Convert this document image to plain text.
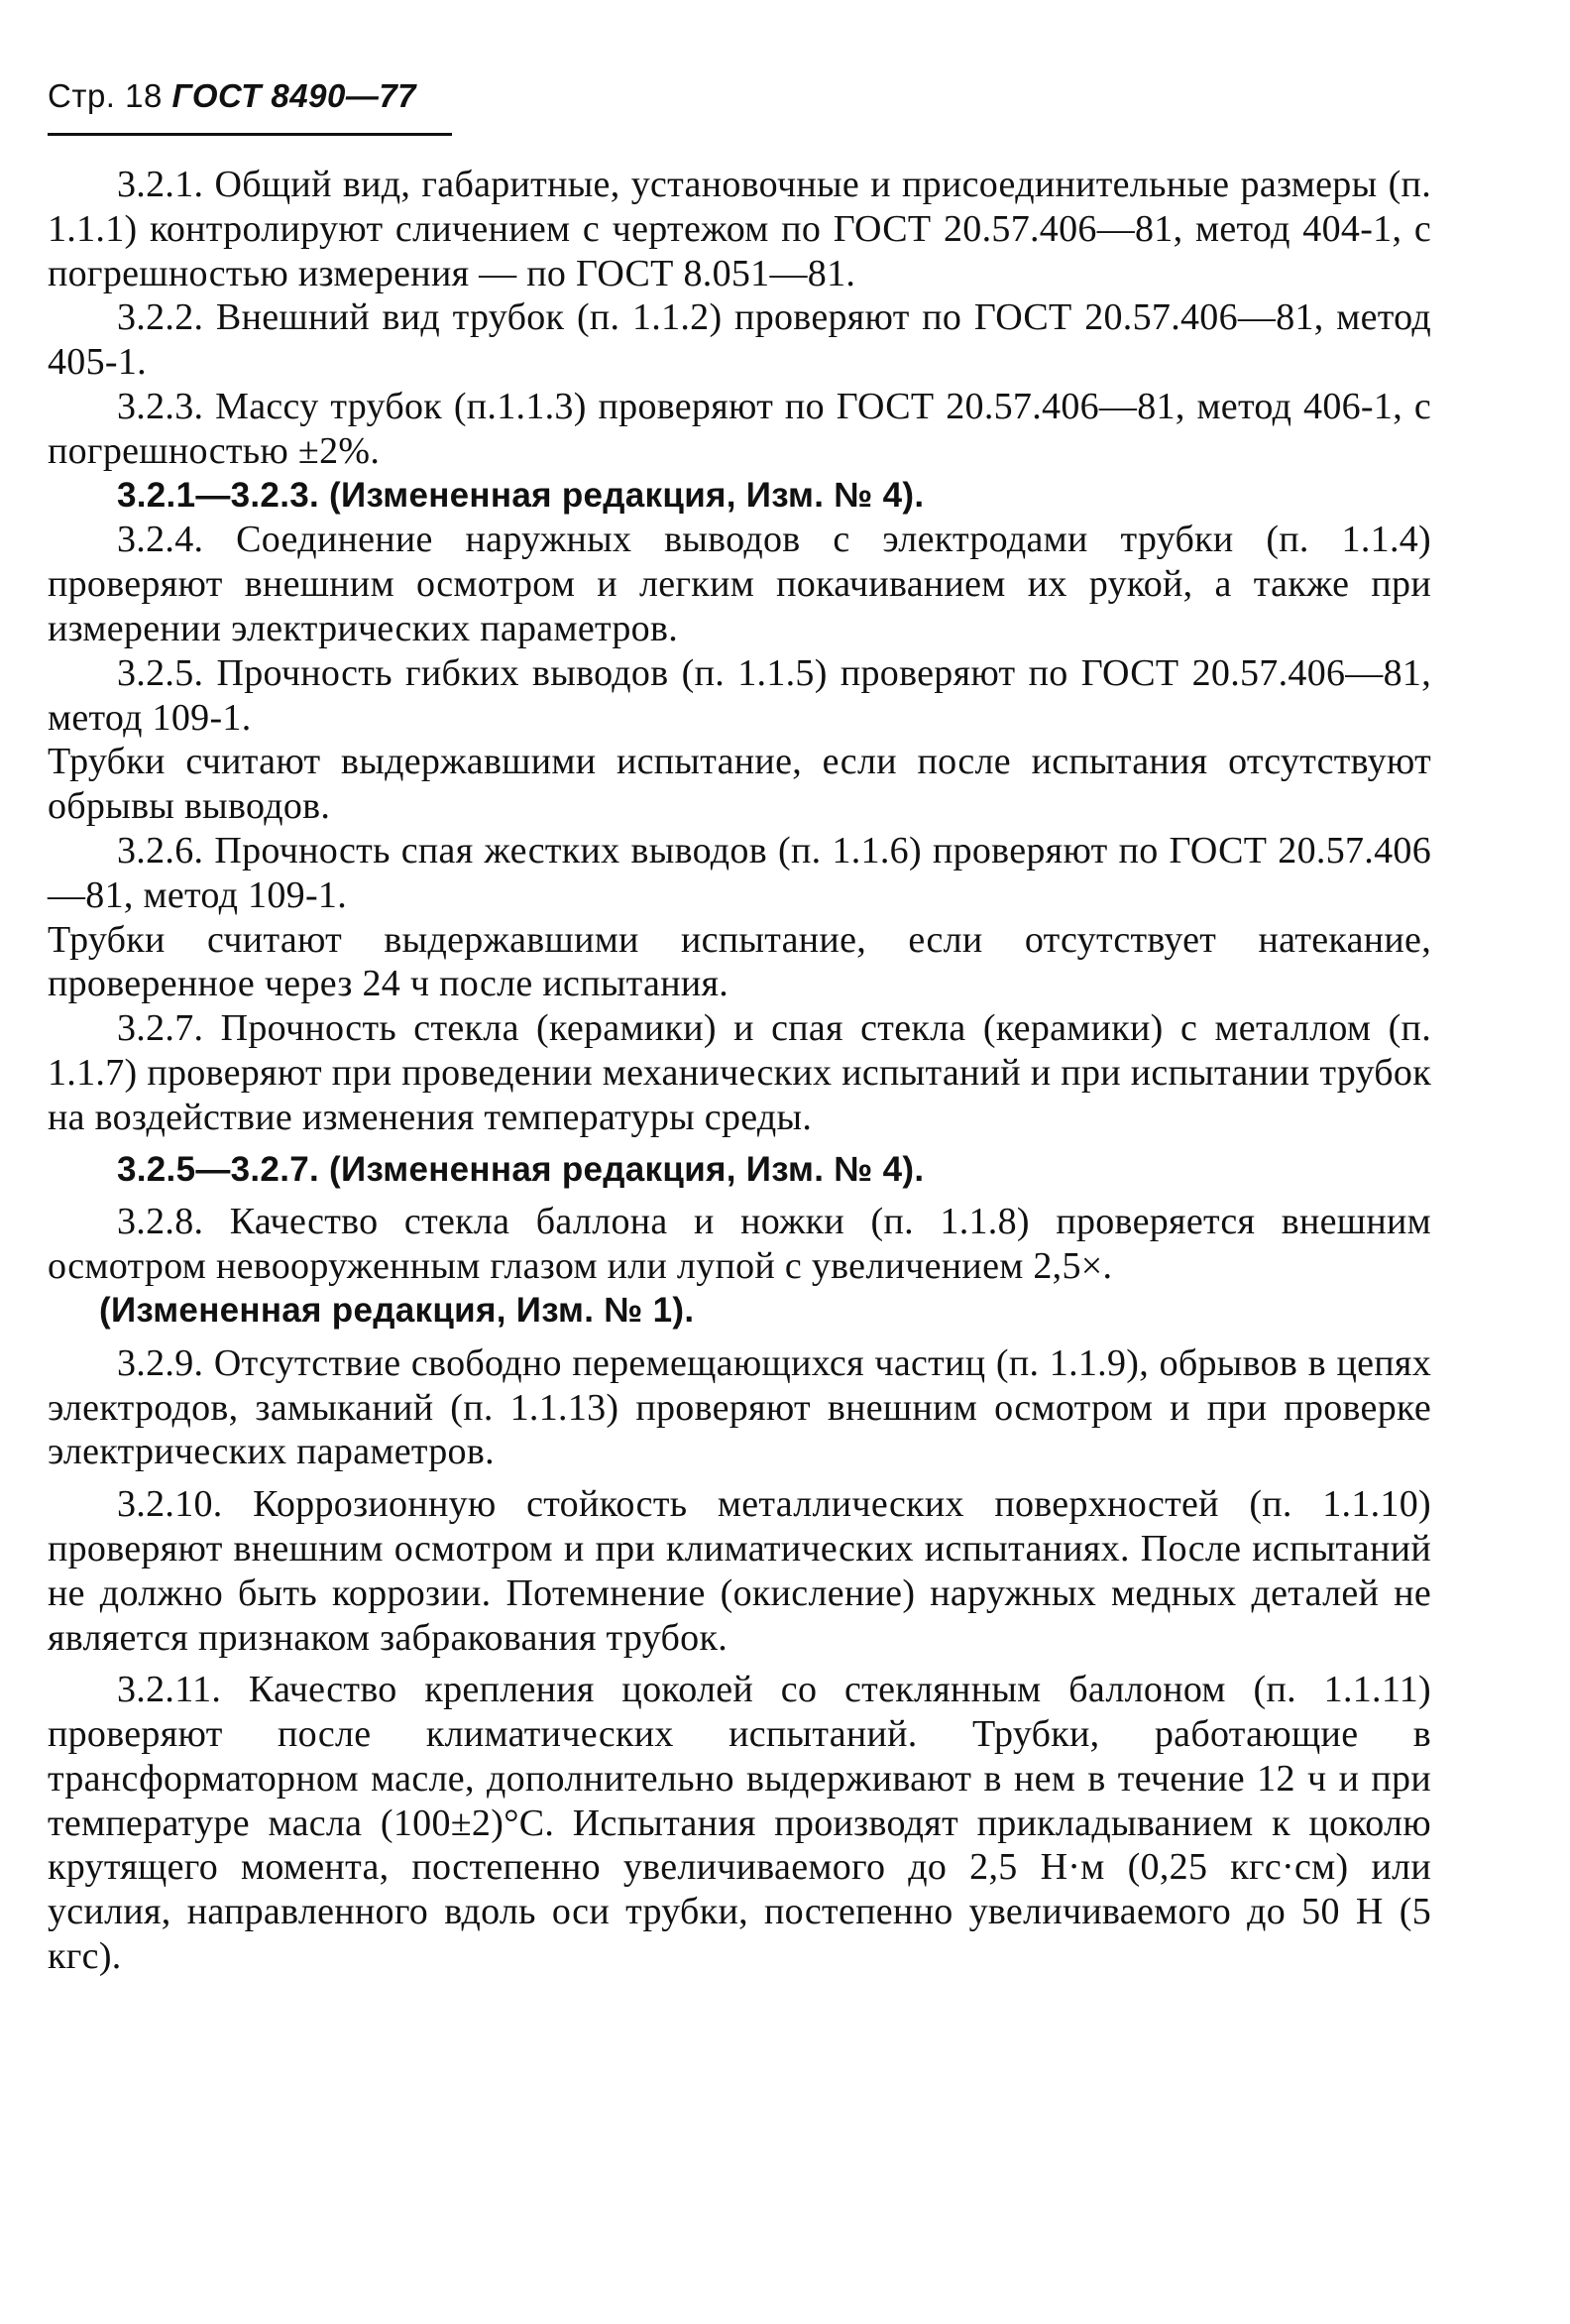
Стр. 18 ГОСТ 8490—77

3.2.1. Общий вид, габаритные, установочные и присоединительные размеры (п. 1.1.1) контролируют сличением с чертежом по ГОСТ 20.57.406—81, метод 404-1, с погрешностью измерения — по ГОСТ 8.051—81.

3.2.2. Внешний вид трубок (п. 1.1.2) проверяют по ГОСТ 20.57.406—81, метод 405-1.

3.2.3. Массу трубок (п.1.1.3) проверяют по ГОСТ 20.57.406—81, метод 406-1, с погрешностью ±2%.

3.2.1—3.2.3. (Измененная редакция, Изм. № 4).

3.2.4. Соединение наружных выводов с электродами трубки (п. 1.1.4) проверяют внешним осмотром и легким покачиванием их рукой, а также при измерении электрических параметров.

3.2.5. Прочность гибких выводов (п. 1.1.5) проверяют по ГОСТ 20.57.406—81, метод 109-1.

Трубки считают выдержавшими испытание, если после испытания отсутствуют обрывы выводов.

3.2.6. Прочность спая жестких выводов (п. 1.1.6) проверяют по ГОСТ 20.57.406—81, метод 109-1.

Трубки считают выдержавшими испытание, если отсутствует натекание, проверенное через 24 ч после испытания.

3.2.7. Прочность стекла (керамики) и спая стекла (керамики) с металлом (п. 1.1.7) проверяют при проведении механических испытаний и при испытании трубок на воздействие изменения температуры среды.

3.2.5—3.2.7. (Измененная редакция, Изм. № 4).

3.2.8. Качество стекла баллона и ножки (п. 1.1.8) проверяется внешним осмотром невооруженным глазом или лупой с увеличением 2,5×.

(Измененная редакция, Изм. № 1).

3.2.9. Отсутствие свободно перемещающихся частиц (п. 1.1.9), обрывов в цепях электродов, замыканий (п. 1.1.13) проверяют внешним осмотром и при проверке электрических параметров.

3.2.10. Коррозионную стойкость металлических поверхностей (п. 1.1.10) проверяют внешним осмотром и при климатических испытаниях. После испытаний не должно быть коррозии. Потемнение (окисление) наружных медных деталей не является признаком забракования трубок.

3.2.11. Качество крепления цоколей со стеклянным баллоном (п. 1.1.11) проверяют после климатических испытаний. Трубки, работающие в трансформаторном масле, дополнительно выдерживают в нем в течение 12 ч и при температуре масла (100±2)°С. Испытания производят прикладыванием к цоколю крутящего момента, постепенно увеличиваемого до 2,5 Н·м (0,25 кгс·см) или усилия, направленного вдоль оси трубки, постепенно увеличиваемого до 50 Н (5 кгс).
